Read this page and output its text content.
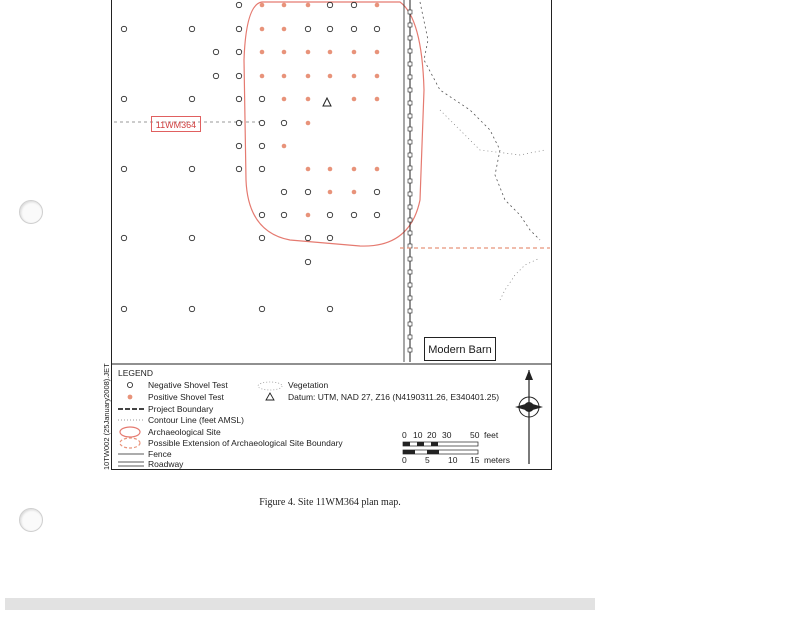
LEGEND
Negative Shovel Test
Positive Shovel Test
Project Boundary
Contour Line (feet AMSL)
Archaeological Site
Possible Extension of Archaeological Site Boundary
Fence
Roadway
Vegetation
Datum: UTM, NAD 27, Z16 (N4190311.26, E340401.25)
0 10 20 30 50 feet
0 5 10 15 meters
11WM364
Modern Barn
10TW002 (25January2008).JET
Figure 4. Site 11WM364 plan map.
